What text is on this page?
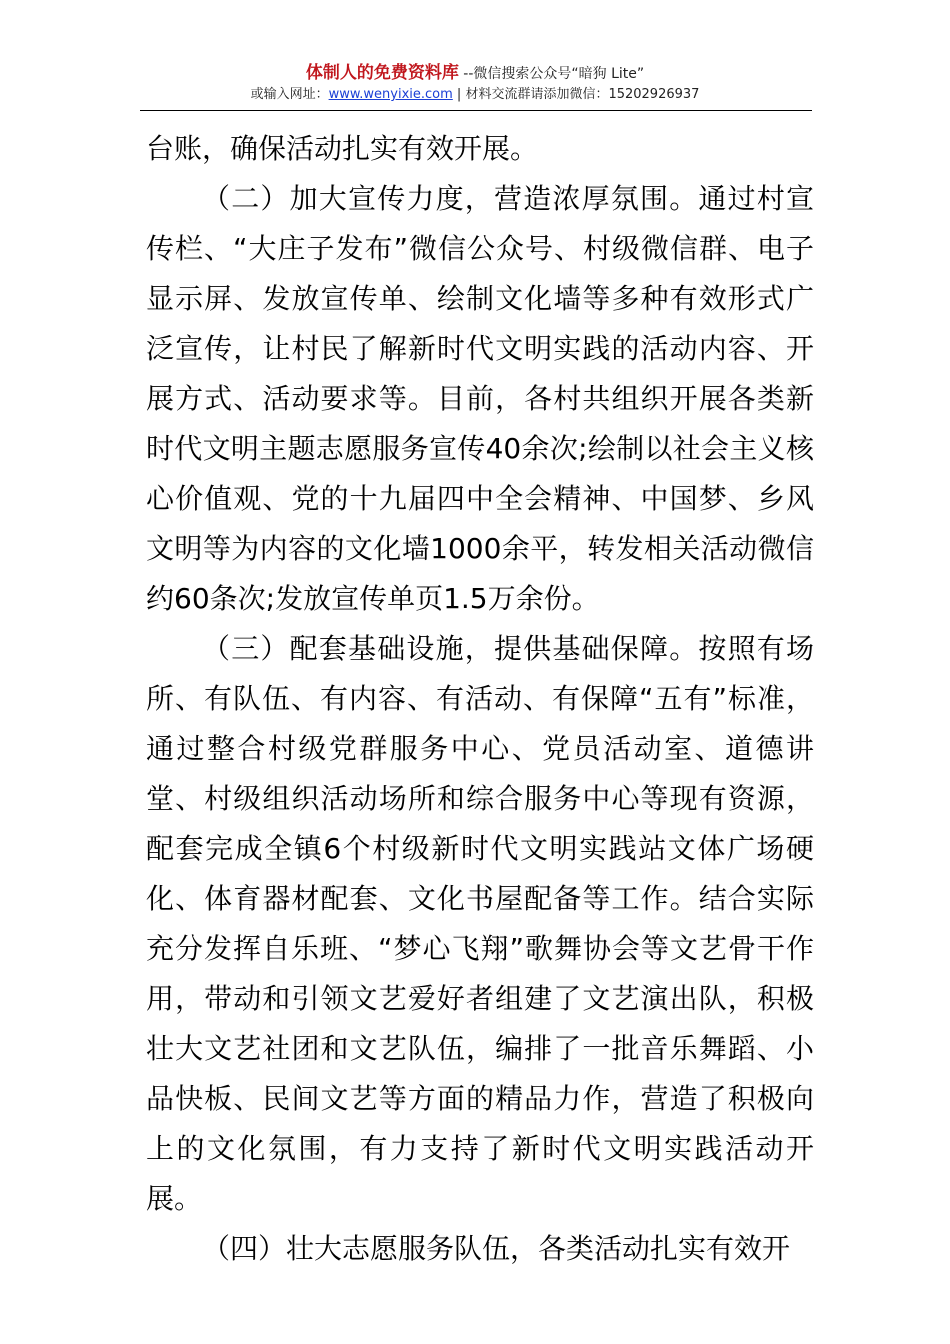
体制人的免费资料库 --微信搜索公众号“暗狗 Lite”
或输入网址：www.wenyixie.com | 材料交流群请添加微信：15202926937

台账，确保活动扎实有效开展。

（二）加大宣传力度，营造浓厚氛围。通过村宣传栏、“大庄子发布”微信公众号、村级微信群、电子显示屏、发放宣传单、绘制文化墙等多种有效形式广泛宣传，让村民了解新时代文明实践的活动内容、开展方式、活动要求等。目前，各村共组织开展各类新时代文明主题志愿服务宣传40余次;绘制以社会主义核心价值观、党的十九届四中全会精神、中国梦、乡风文明等为内容的文化墙1000余平，转发相关活动微信约60条次;发放宣传单页1.5万余份。

（三）配套基础设施，提供基础保障。按照有场所、有队伍、有内容、有活动、有保障“五有”标准，通过整合村级党群服务中心、党员活动室、道德讲堂、村级组织活动场所和综合服务中心等现有资源，配套完成全镇6个村级新时代文明实践站文体广场硬化、体育器材配套、文化书屋配备等工作。结合实际充分发挥自乐班、“梦心飞翔”歌舞协会等文艺骨干作用，带动和引领文艺爱好者组建了文艺演出队，积极壮大文艺社团和文艺队伍，编排了一批音乐舞蹈、小品快板、民间文艺等方面的精品力作，营造了积极向上的文化氛围，有力支持了新时代文明实践活动开展。

（四）壮大志愿服务队伍，各类活动扎实有效开
